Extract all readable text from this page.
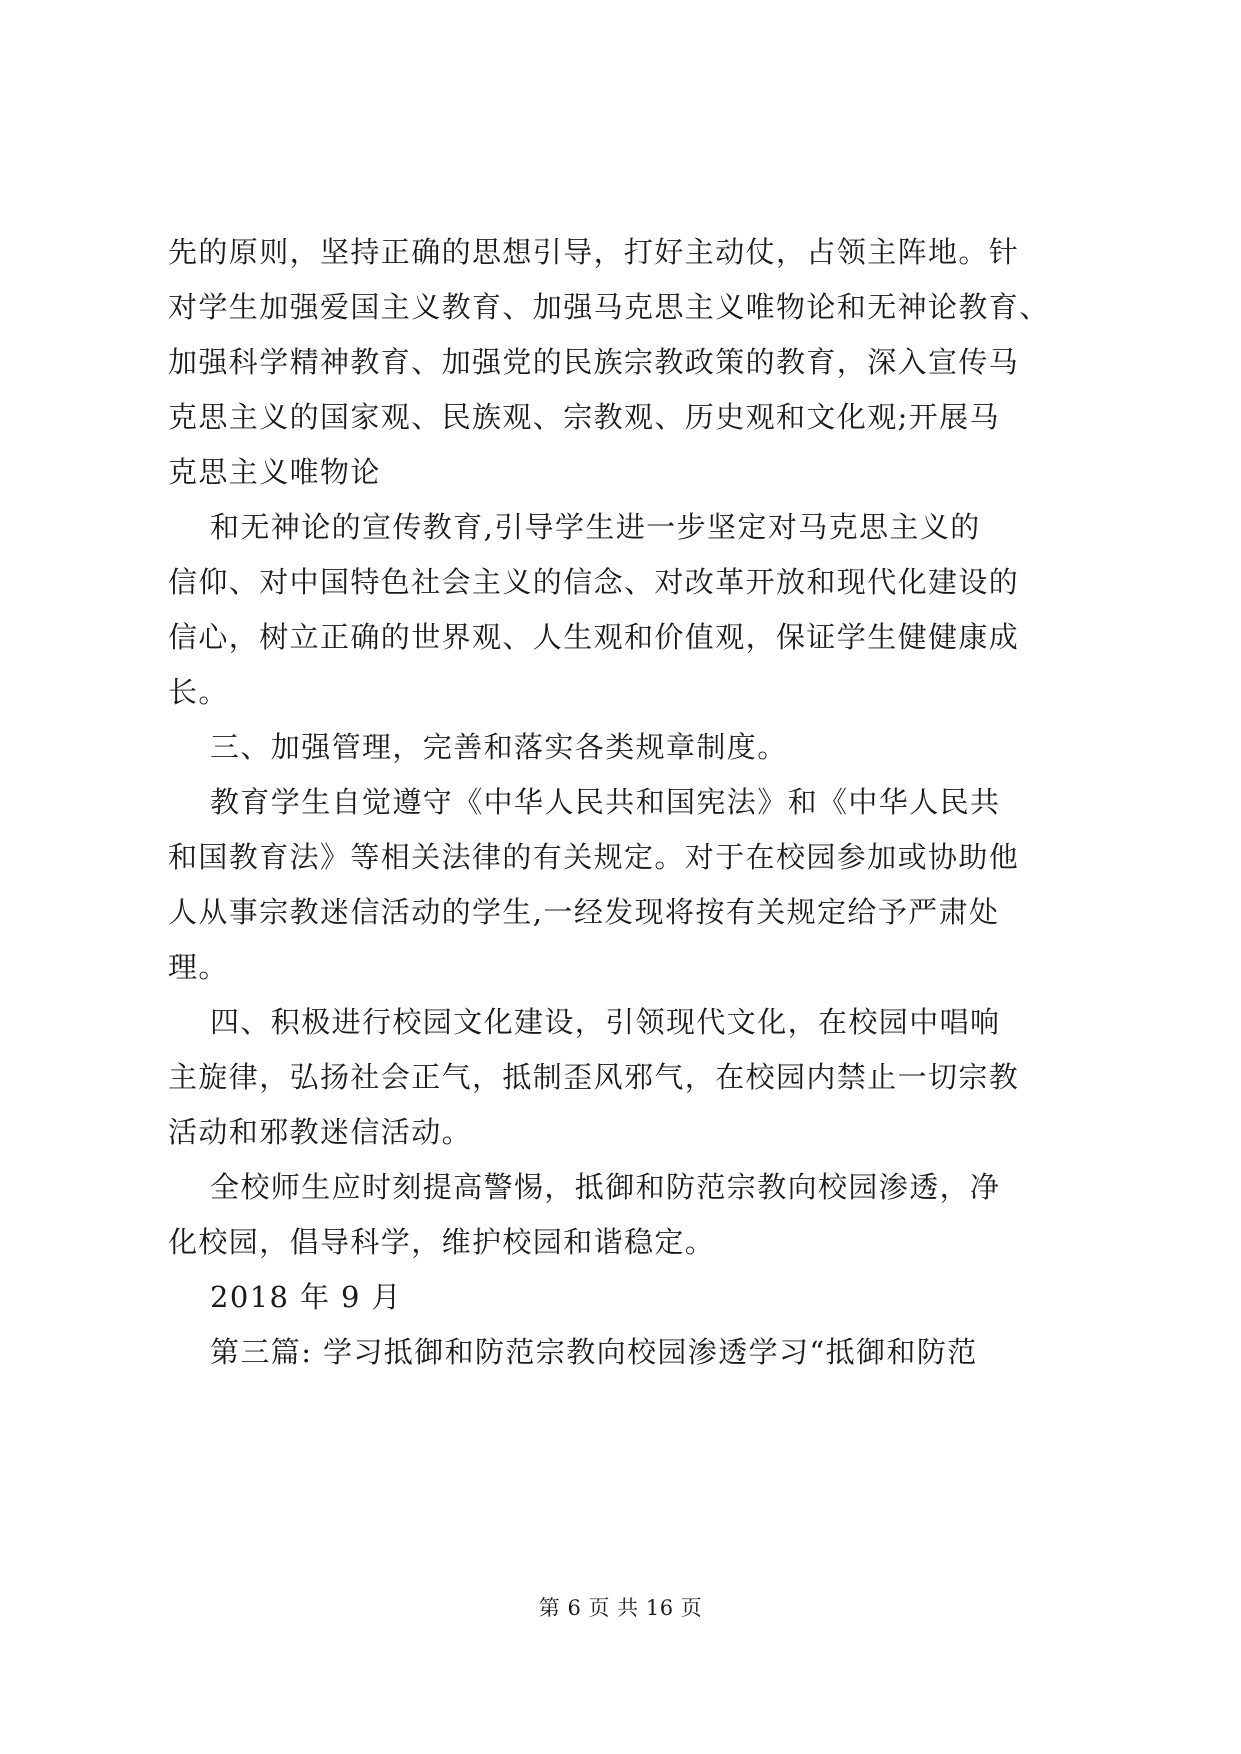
先的原则，坚持正确的思想引导，打好主动仗，占领主阵地。针
对学生加强爱国主义教育、加强马克思主义唯物论和无神论教育、
加强科学精神教育、加强党的民族宗教政策的教育，深入宣传马
克思主义的国家观、民族观、宗教观、历史观和文化观;开展马
克思主义唯物论
和无神论的宣传教育,引导学生进一步坚定对马克思主义的
信仰、对中国特色社会主义的信念、对改革开放和现代化建设的
信心，树立正确的世界观、人生观和价值观，保证学生健健康成
长。
三、加强管理，完善和落实各类规章制度。
教育学生自觉遵守《中华人民共和国宪法》和《中华人民共
和国教育法》等相关法律的有关规定。对于在校园参加或协助他
人从事宗教迷信活动的学生,一经发现将按有关规定给予严肃处
理。
四、积极进行校园文化建设，引领现代文化，在校园中唱响
主旋律，弘扬社会正气，抵制歪风邪气，在校园内禁止一切宗教
活动和邪教迷信活动。
全校师生应时刻提高警惕，抵御和防范宗教向校园渗透，净
化校园，倡导科学，维护校园和谐稳定。
2018 年 9 月
第三篇: 学习抵御和防范宗教向校园渗透学习“抵御和防范
第 6 页 共 16 页
